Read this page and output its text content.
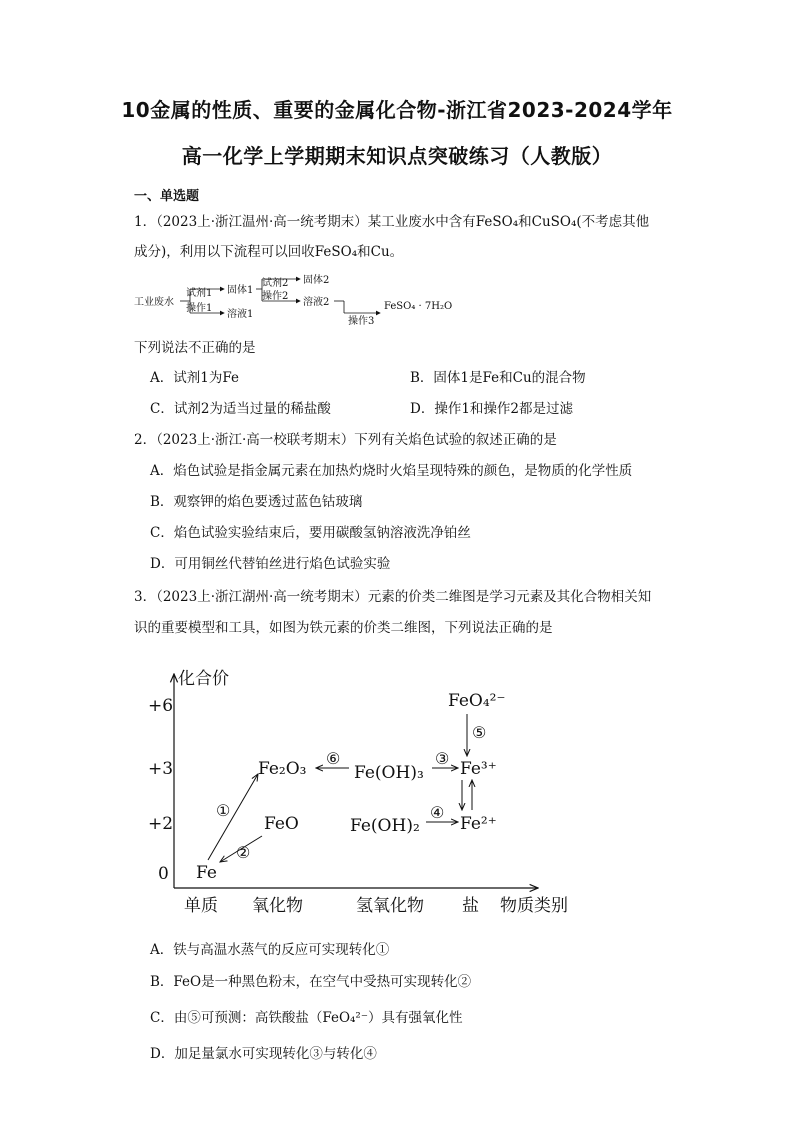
10金属的性质、重要的金属化合物-浙江省2023-2024学年
高一化学上学期期末知识点突破练习（人教版）
一、单选题
1．（2023上·浙江温州·高一统考期末）某工业废水中含有FeSO₄和CuSO₄(不考虑其他
成分)，利用以下流程可以回收FeSO₄和Cu。
工业废水
试剂1
操作1
固体1
溶液1
试剂2
操作2
固体2
溶液2
操作3
FeSO₄ · 7H₂O
下列说法不正确的是
A．试剂1为Fe	B．固体1是Fe和Cu的混合物
C．试剂2为适当过量的稀盐酸	D．操作1和操作2都是过滤
2．（2023上·浙江·高一校联考期末）下列有关焰色试验的叙述正确的是
A．焰色试验是指金属元素在加热灼烧时火焰呈现特殊的颜色，是物质的化学性质
B．观察钾的焰色要透过蓝色钴玻璃
C．焰色试验实验结束后，要用碳酸氢钠溶液洗净铂丝
D．可用铜丝代替铂丝进行焰色试验实验
3．（2023上·浙江湖州·高一统考期末）元素的价类二维图是学习元素及其化合物相关知
识的重要模型和工具，如图为铁元素的价类二维图，下列说法正确的是
化合价
+6
+3
+2
0
单质 氧化物	氢氧化物 盐 物质类别
Fe
FeO
Fe₂O₃	Fe(OH)₃
Fe(OH)₂
Fe³⁺
Fe²⁺
FeO₄²⁻
①
②
③
④
⑤
⑥
A．铁与高温水蒸气的反应可实现转化①
B．FeO是一种黑色粉末，在空气中受热可实现转化②
C．由⑤可预测：高铁酸盐（FeO₄²⁻）具有强氧化性
D．加足量氯水可实现转化③与转化④
